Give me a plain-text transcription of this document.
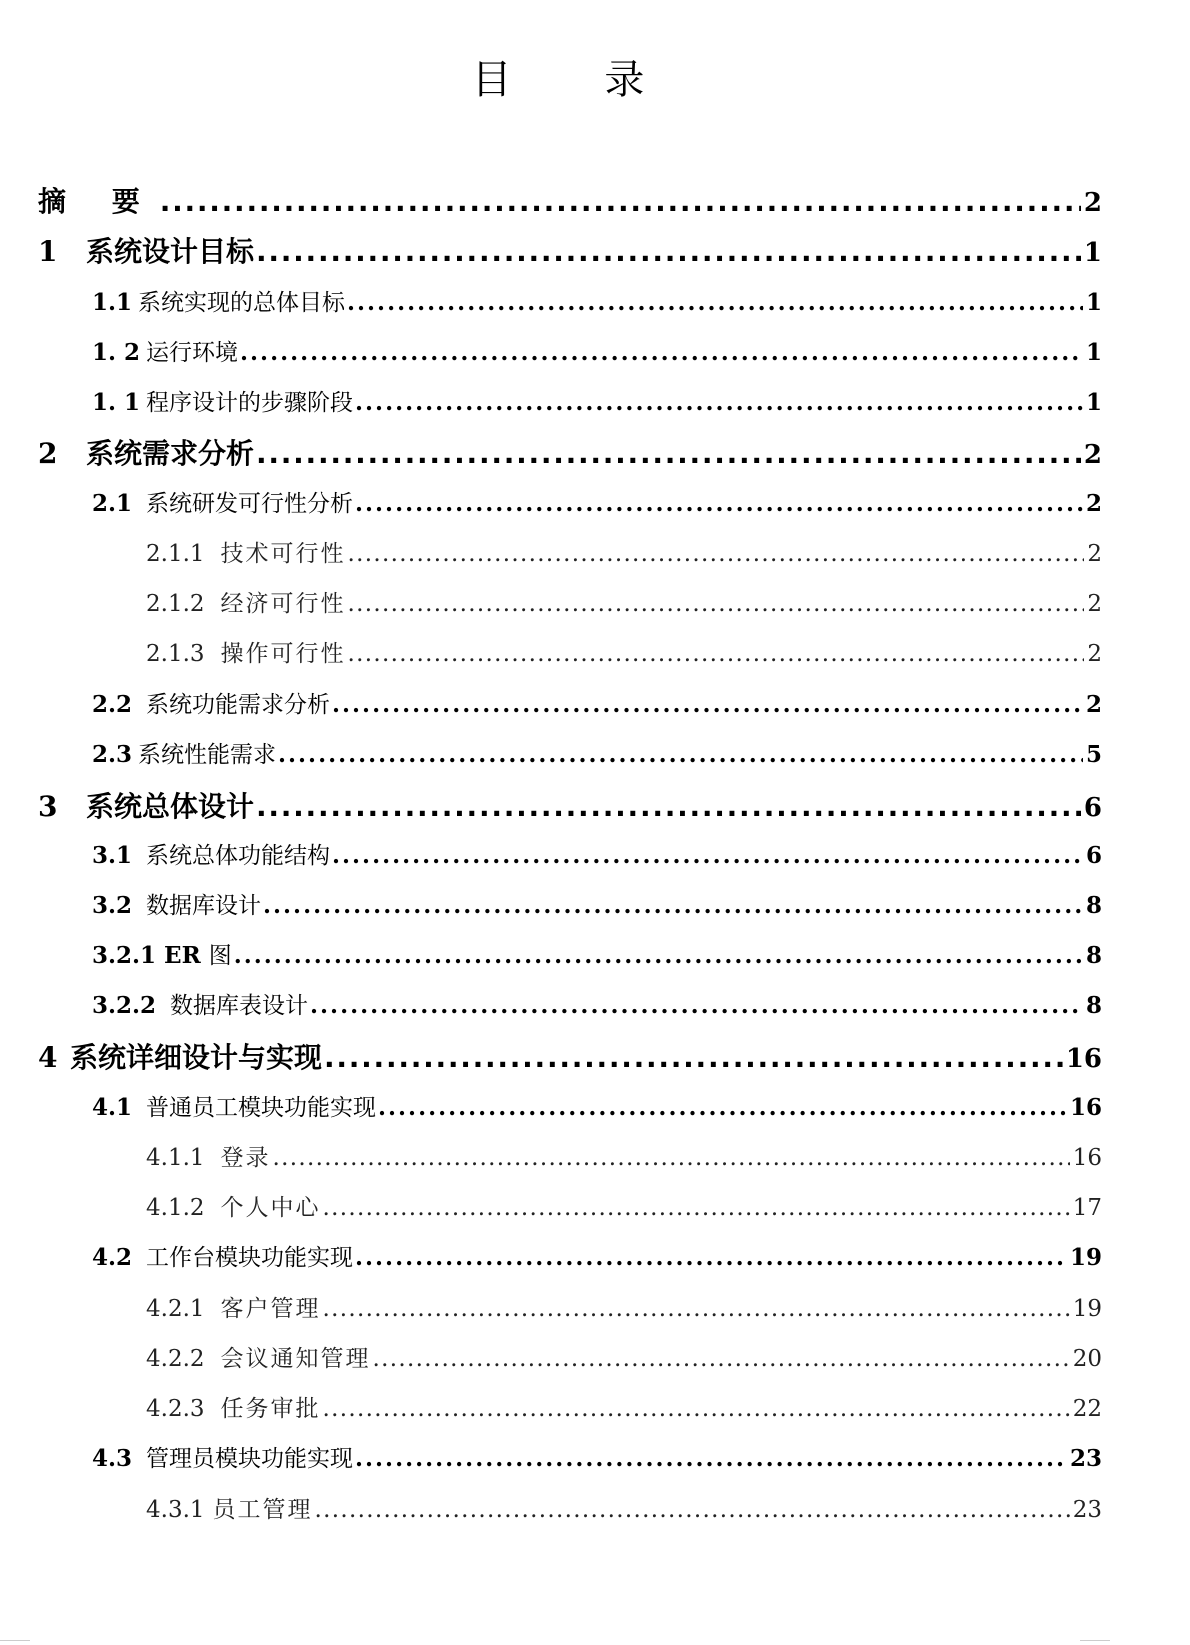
目 录
摘 要 . . .	2
1	系统设计目标 . . .	1
1.1 系统实现的总体目标 . . .	1
1. 2 运行环境 . . .	1
1. 1 程序设计的步骤阶段 . . .	1
2	系统需求分析 . . .	2
2.1 系统研发可行性分析 . . .	2
2.1.1 技术可行性 . . .	2
2.1.2 经济可行性 . . .	2
2.1.3 操作可行性 . . .	2
2.2 系统功能需求分析 . . .	2
2.3 系统性能需求 . . .	5
3	系统总体设计 . . .	6
3.1 系统总体功能结构 . . .	6
3.2 数据库设计 . . .	8
3.2.1 ER 图 . . .	8
3.2.2 数据库表设计 . . .	8
4 系统详细设计与实现 . . .	16
4.1 普通员工模块功能实现 . . .	16
4.1.1 登录 . . .	16
4.1.2 个人中心 . . .	17
4.2 工作台模块功能实现 . . .	19
4.2.1 客户管理 . . .	19
4.2.2 会议通知管理 . . .	20
4.2.3 任务审批 . . .	22
4.3 管理员模块功能实现 . . .	23
4.3.1 员工管理 . . .	23
